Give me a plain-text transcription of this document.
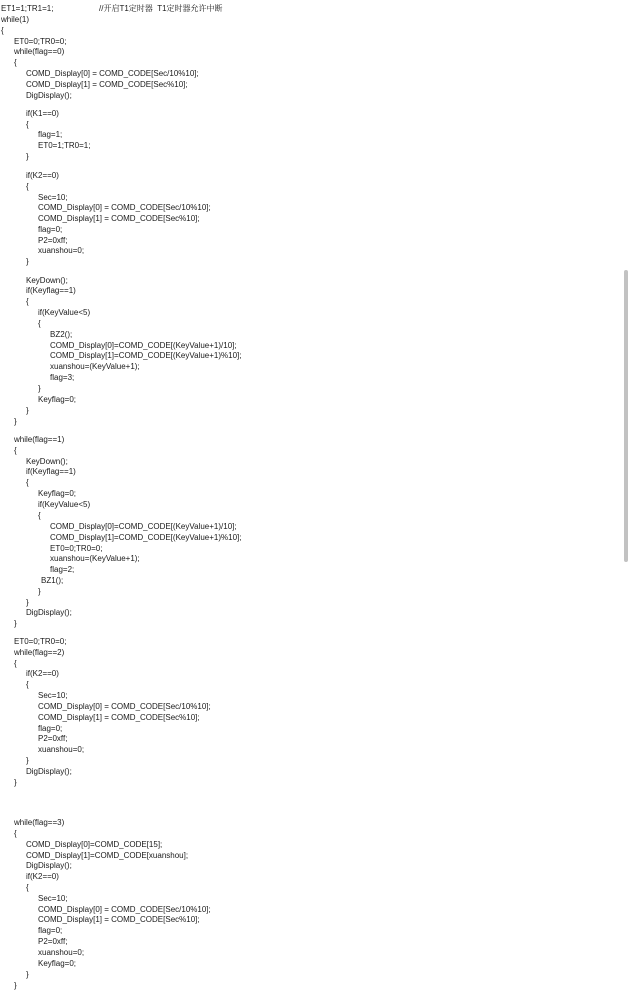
ET1=1;TR1=1;	//开启T1定时器  T1定时器允许中断
while(1)
{
ET0=0;TR0=0;
while(flag==0)
{
COMD_Display[0] = COMD_CODE[Sec/10%10];
COMD_Display[1] = COMD_CODE[Sec%10];
DigDisplay();
if(K1==0)
{
flag=1;
ET0=1;TR0=1;
}
if(K2==0)
{
Sec=10;
COMD_Display[0] = COMD_CODE[Sec/10%10];
COMD_Display[1] = COMD_CODE[Sec%10];
flag=0;
P2=0xff;
xuanshou=0;
}
KeyDown();
if(Keyflag==1)
{
if(KeyValue<5)
{
BZ2();
COMD_Display[0]=COMD_CODE[(KeyValue+1)/10];
COMD_Display[1]=COMD_CODE[(KeyValue+1)%10];
xuanshou=(KeyValue+1);
flag=3;
}
Keyflag=0;
}
}
while(flag==1)
{
KeyDown();
if(Keyflag==1)
{
Keyflag=0;
if(KeyValue<5)
{
COMD_Display[0]=COMD_CODE[(KeyValue+1)/10];
COMD_Display[1]=COMD_CODE[(KeyValue+1)%10];
ET0=0;TR0=0;
xuanshou=(KeyValue+1);
flag=2;
BZ1();
}
}
DigDisplay();
}
ET0=0;TR0=0;
while(flag==2)
{
if(K2==0)
{
Sec=10;
COMD_Display[0] = COMD_CODE[Sec/10%10];
COMD_Display[1] = COMD_CODE[Sec%10];
flag=0;
P2=0xff;
xuanshou=0;
}
DigDisplay();
}
while(flag==3)
{
COMD_Display[0]=COMD_CODE[15];
COMD_Display[1]=COMD_CODE[xuanshou];
DigDisplay();
if(K2==0)
{
Sec=10;
COMD_Display[0] = COMD_CODE[Sec/10%10];
COMD_Display[1] = COMD_CODE[Sec%10];
flag=0;
P2=0xff;
xuanshou=0;
Keyflag=0;
}
}
